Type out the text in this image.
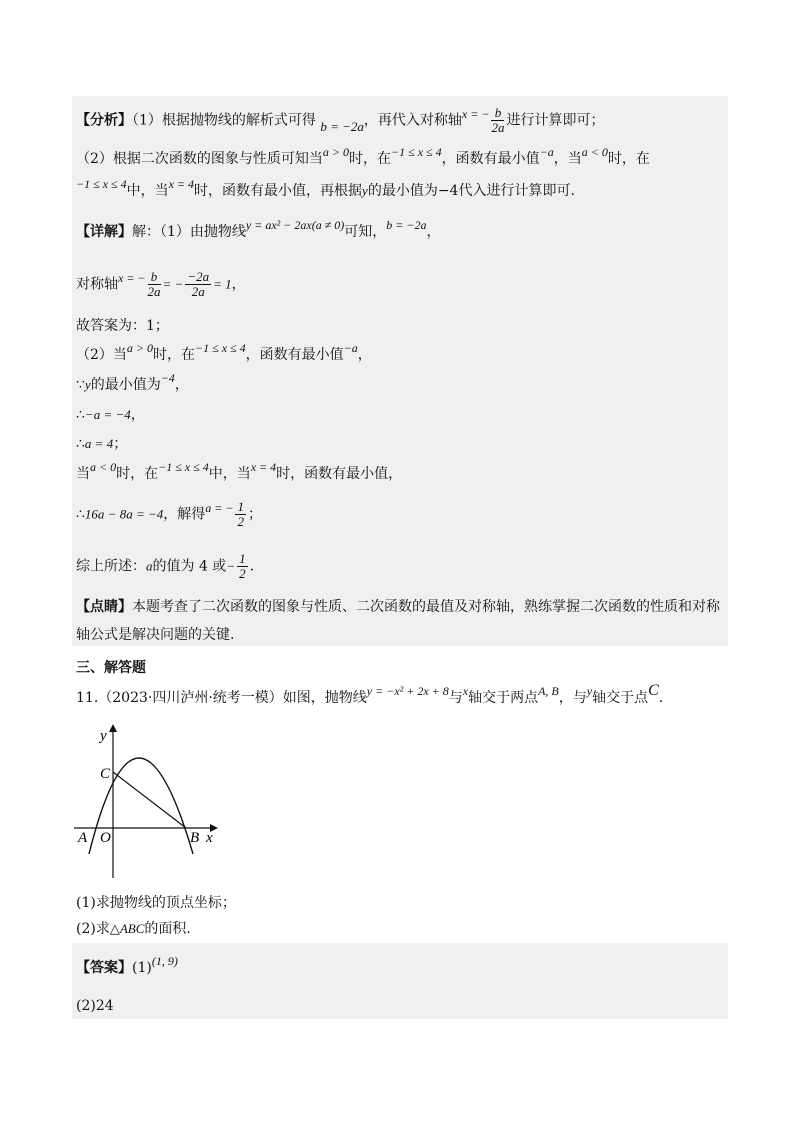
【分析】（1）根据抛物线的解析式可得 b = −2a，再代入对称轴x = − $\frac{b}{2a}$ 进行计算即可；
（2）根据二次函数的图象与性质可知当a > 0时，在−1 ≤ x ≤ 4，函数有最小值−a，当a < 0时，在
−1 ≤ x ≤ 4中，当x = 4时，函数有最小值，再根据y的最小值为−4代入进行计算即可.
【详解】解：（1）由抛物线y = ax² − 2ax(a ≠ 0)可知，b = −2a，
对称轴x = − $\frac{b}{2a}$ = − $\frac{-2a}{2a} = 1$，
故答案为：1；
（2）当a > 0时，在−1 ≤ x ≤ 4，函数有最小值−a，
∵y的最小值为−4，
∴−a = −4，
∴a = 4；
当a < 0时，在−1 ≤ x ≤ 4中，当x = 4时，函数有最小值，
∴16a − 8a = −4，解得a = − $\frac{1}{2}$ ；
综上所述：a的值为 4 或− $\frac{1}{2}$ .
【点睛】本题考查了二次函数的图象与性质、二次函数的最值及对称轴，熟练掌握二次函数的性质和对称
轴公式是解决问题的关键.
三、解答题
11.（2023·四川泸州·统考一模）如图，抛物线y = −x² + 2x + 8与x轴交于两点A, B，与y轴交于点C.
y
C
A O	B x
(1)求抛物线的顶点坐标；
(2)求△ABC的面积.
【答案】(1)(1, 9)
(2)24
